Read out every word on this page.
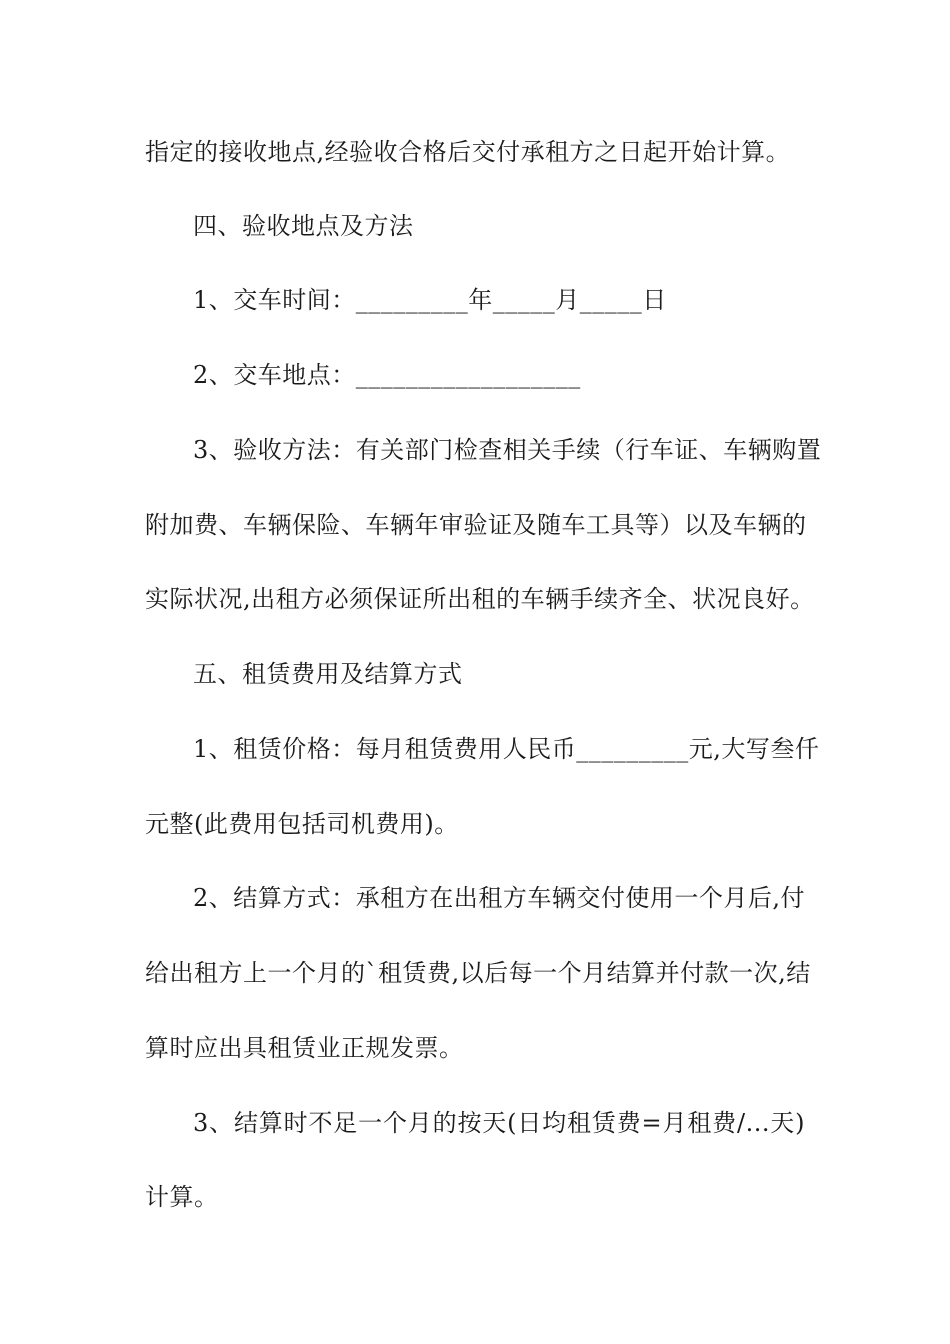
指定的接收地点,经验收合格后交付承租方之日起开始计算。

四、验收地点及方法

1、交车时间：_________年_____月_____日

2、交车地点：__________________

3、验收方法：有关部门检查相关手续（行车证、车辆购置

附加费、车辆保险、车辆年审验证及随车工具等）以及车辆的

实际状况,出租方必须保证所出租的车辆手续齐全、状况良好。

五、租赁费用及结算方式

1、租赁价格：每月租赁费用人民币_________元,大写叁仟

元整(此费用包括司机费用)。

2、结算方式：承租方在出租方车辆交付使用一个月后,付

给出租方上一个月的`租赁费,以后每一个月结算并付款一次,结

算时应出具租赁业正规发票。

3、结算时不足一个月的按天(日均租赁费=月租费/...天)

计算。
